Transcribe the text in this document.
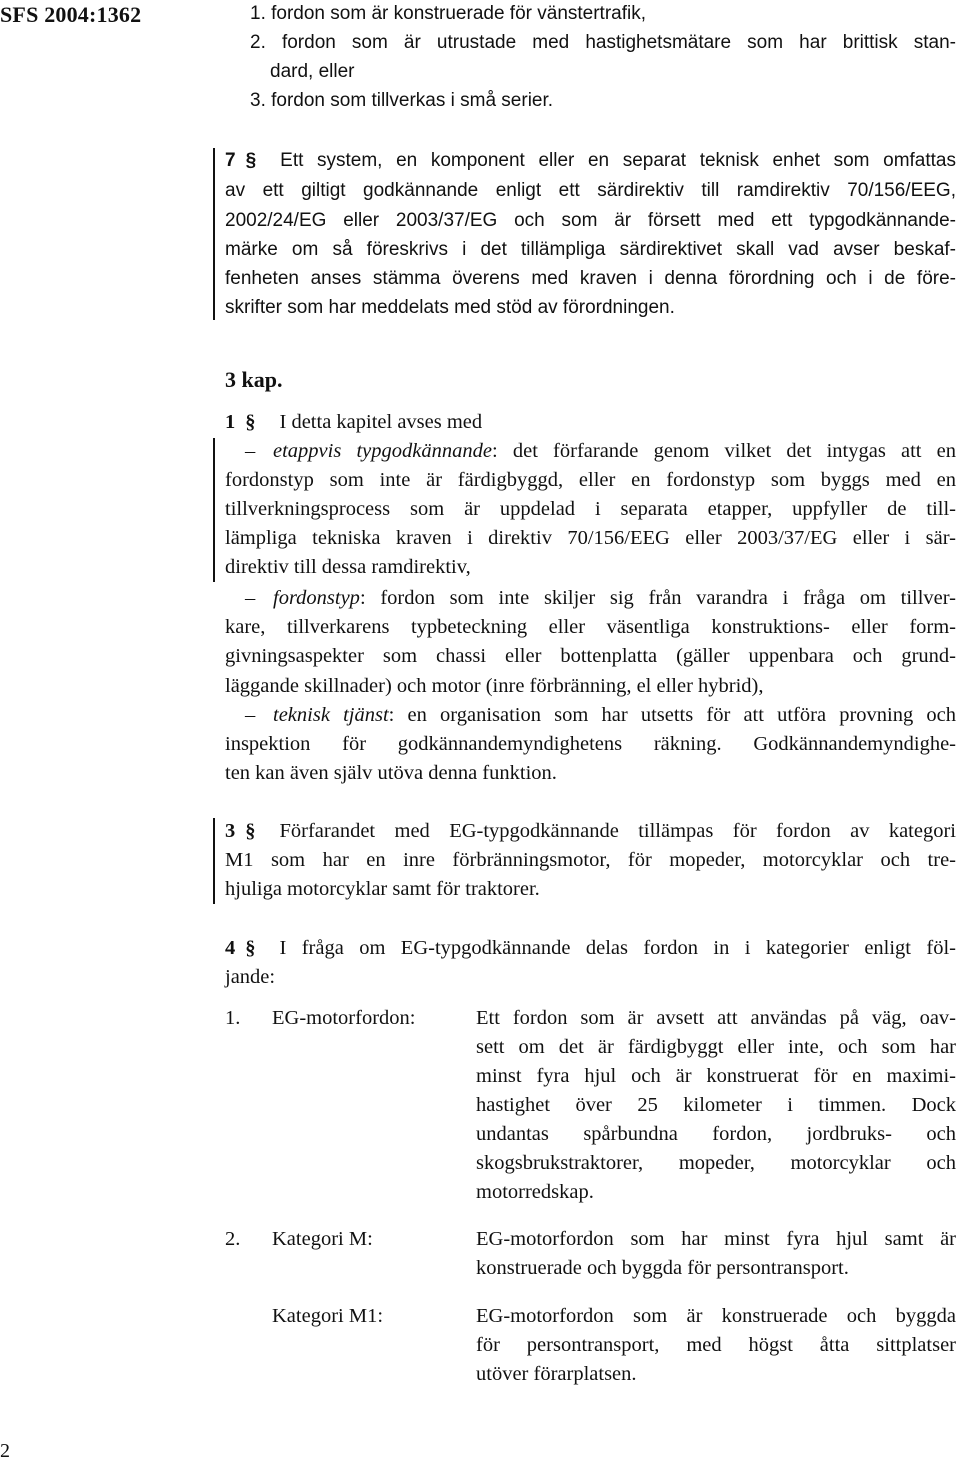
SFS 2004:1362	1. fordon som är konstruerade för vänstertrafik,
2. fordon som är utrustade med hastighetsmätare som har brittisk stan-
dard, eller
3. fordon som tillverkas i små serier.
7 § Ett system, en komponent eller en separat teknisk enhet som omfattas
av ett giltigt godkännande enligt ett särdirektiv till ramdirektiv 70/156/EEG,
2002/24/EG eller 2003/37/EG och som är försett med ett typgodkännande-
märke om så föreskrivs i det tillämpliga särdirektivet skall vad avser beskaf-
fenheten anses stämma överens med kraven i denna förordning och i de före-
skrifter som har meddelats med stöd av förordningen.
3 kap.
1 § I detta kapitel avses med
– etappvis typgodkännande: det förfarande genom vilket det intygas att en
fordonstyp som inte är färdigbyggd, eller en fordonstyp som byggs med en
tillverkningsprocess som är uppdelad i separata etapper, uppfyller de till-
lämpliga tekniska kraven i direktiv 70/156/EEG eller 2003/37/EG eller i sär-
direktiv till dessa ramdirektiv,
– fordonstyp: fordon som inte skiljer sig från varandra i fråga om tillver-
kare, tillverkarens typbeteckning eller väsentliga konstruktions- eller form-
givningsaspekter som chassi eller bottenplatta (gäller uppenbara och grund-
läggande skillnader) och motor (inre förbränning, el eller hybrid),
– teknisk tjänst: en organisation som har utsetts för att utföra provning och
inspektion för godkännandemyndighetens räkning. Godkännandemyndighe-
ten kan även själv utöva denna funktion.
3 § Förfarandet med EG-typgodkännande tillämpas för fordon av kategori
M1 som har en inre förbränningsmotor, för mopeder, motorcyklar och tre-
hjuliga motorcyklar samt för traktorer.
4 § I fråga om EG-typgodkännande delas fordon in i kategorier enligt föl-
jande:
1. EG-motorfordon:	Ett fordon som är avsett att användas på väg, oav-
sett om det är färdigbyggt eller inte, och som har
minst fyra hjul och är konstruerat för en maximi-
hastighet över 25 kilometer i timmen. Dock
undantas spårbundna fordon, jordbruks- och
skogsbrukstraktorer, mopeder, motorcyklar och
motorredskap.
2. Kategori M:	EG-motorfordon som har minst fyra hjul samt är
konstruerade och byggda för persontransport.
Kategori M1:	EG-motorfordon som är konstruerade och byggda
för persontransport, med högst åtta sittplatser
utöver förarplatsen.
2
